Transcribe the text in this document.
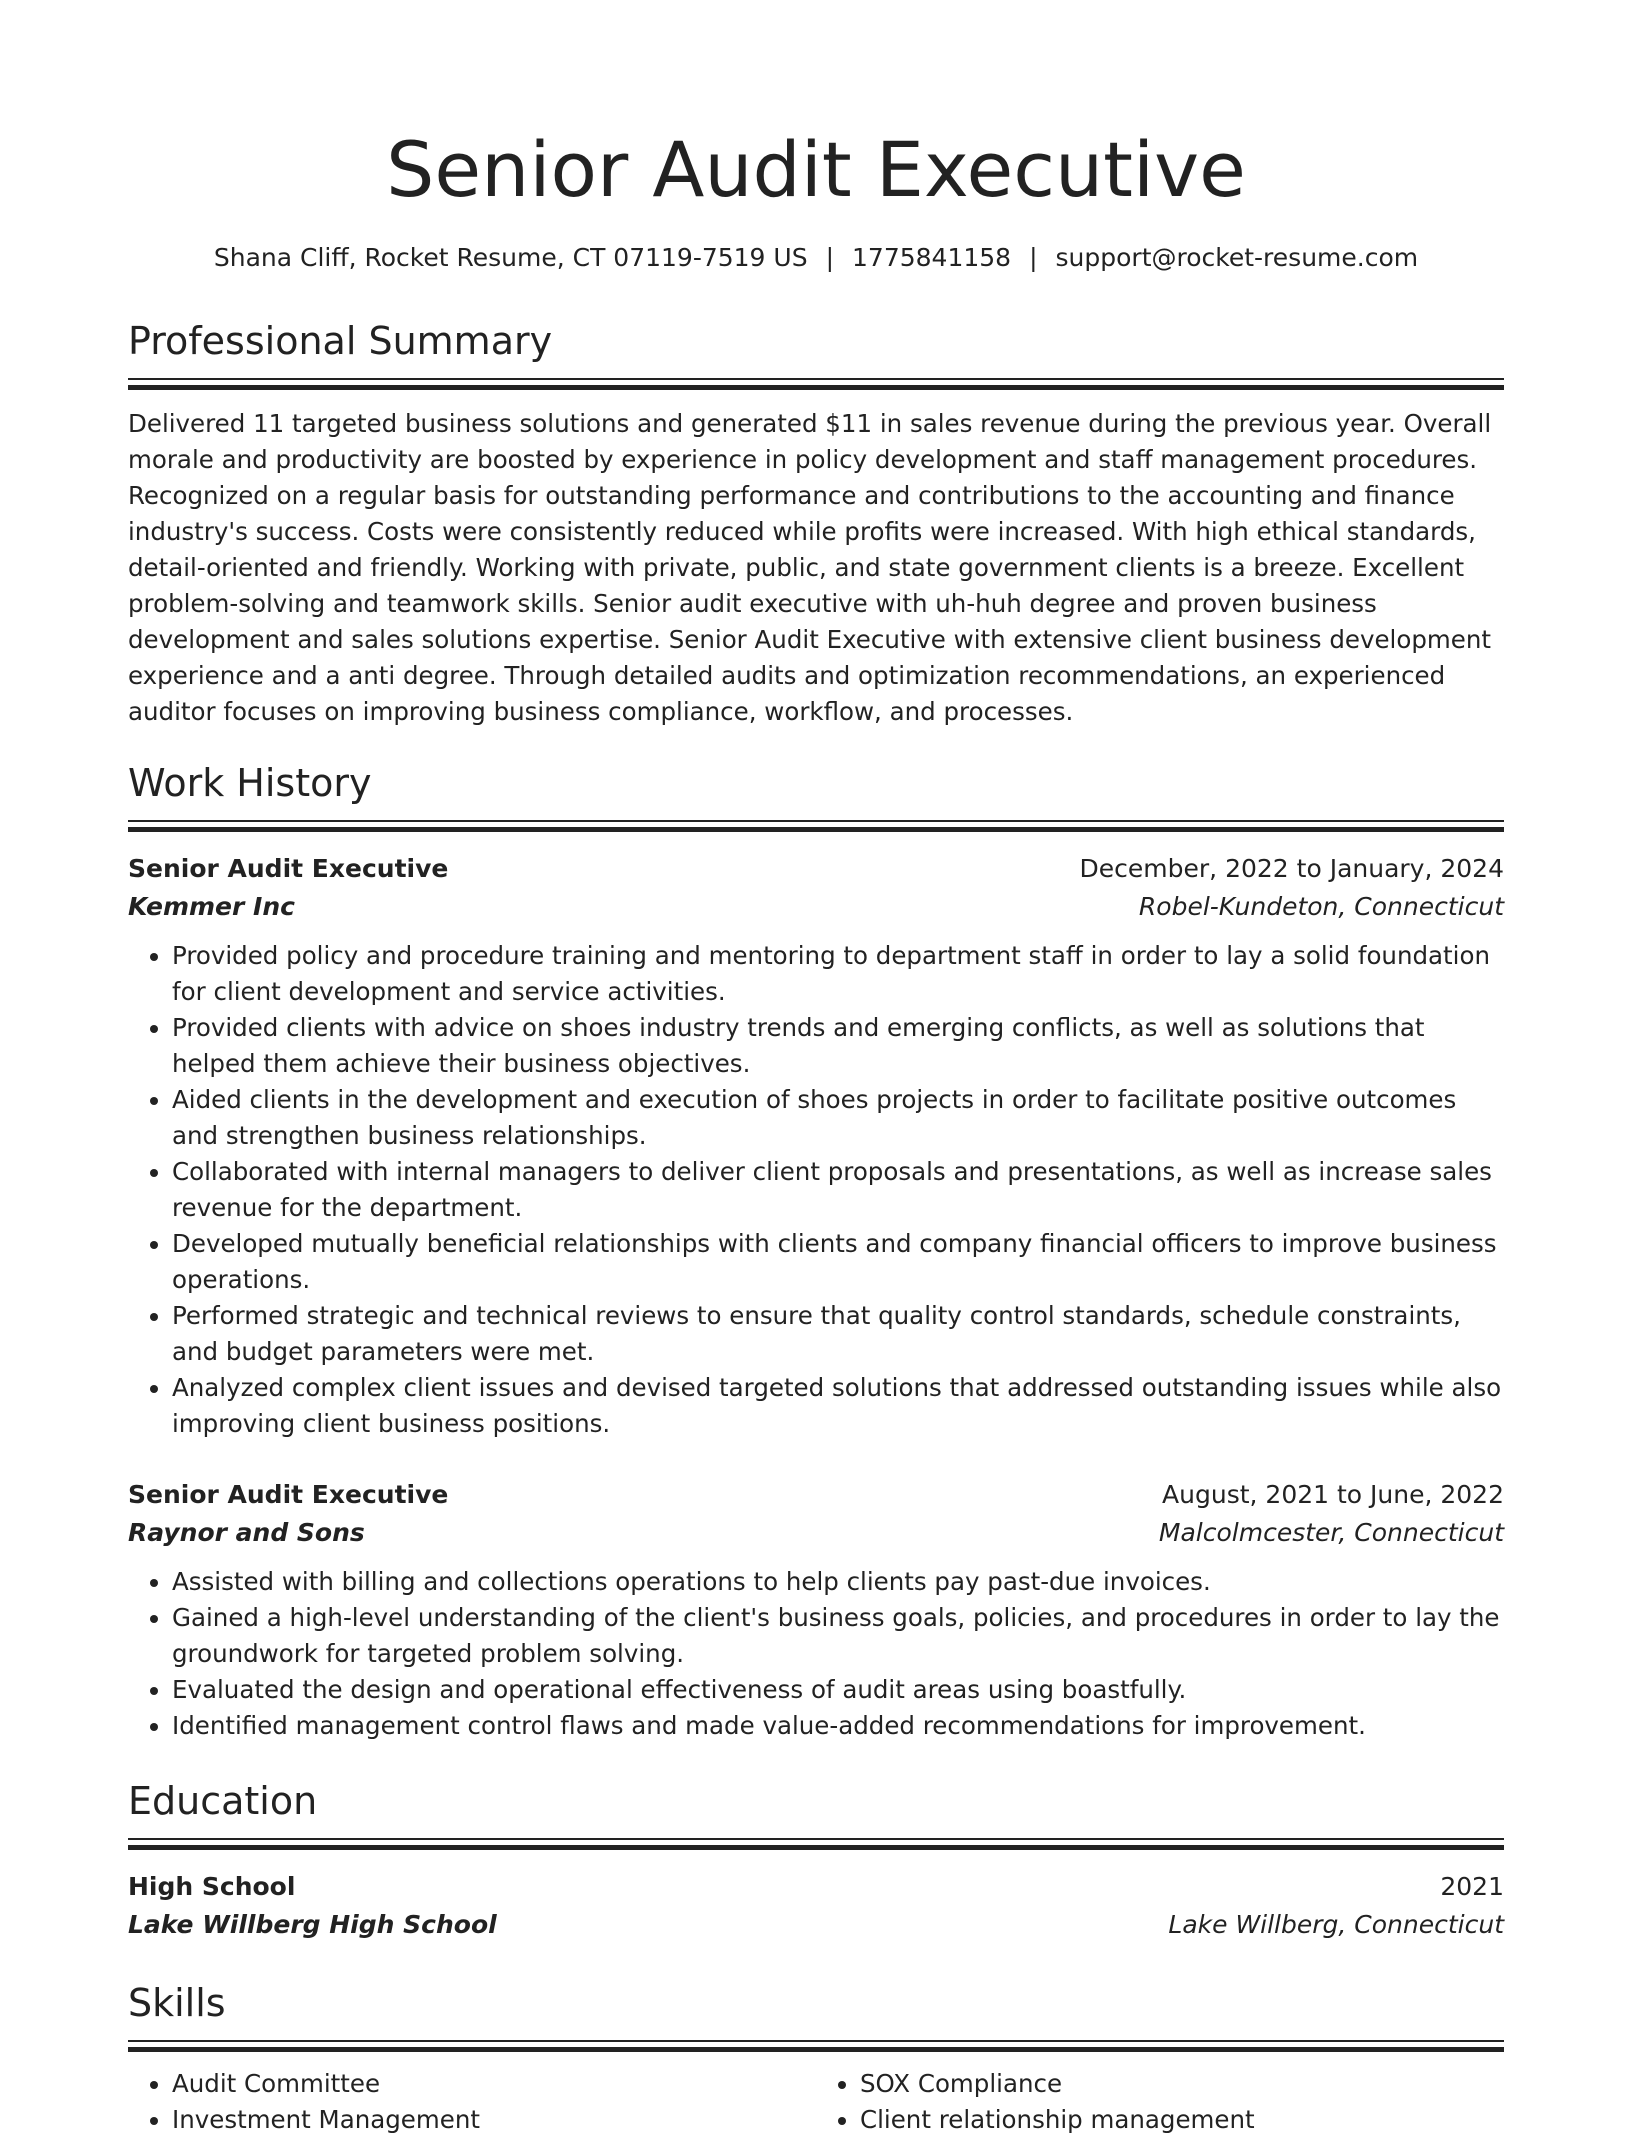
Senior Audit Executive
Shana Cliff, Rocket Resume, CT 07119-7519 US | 1775841158 | support@rocket-resume.com
Professional Summary

Delivered 11 targeted business solutions and generated $11 in sales revenue during the previous year. Overall morale and productivity are boosted by experience in policy development and staff management procedures. Recognized on a regular basis for outstanding performance and contributions to the accounting and finance industry's success. Costs were consistently reduced while profits were increased. With high ethical standards, detail-oriented and friendly. Working with private, public, and state government clients is a breeze. Excellent problem-solving and teamwork skills. Senior audit executive with uh-huh degree and proven business development and sales solutions expertise. Senior Audit Executive with extensive client business development experience and a anti degree. Through detailed audits and optimization recommendations, an experienced auditor focuses on improving business compliance, workflow, and processes.

Work History
Senior Audit Executive	December, 2022 to January, 2024
Kemmer Inc	Robel-Kundeton, Connecticut
• Provided policy and procedure training and mentoring to department staff in order to lay a solid foundation for client development and service activities.
• Provided clients with advice on shoes industry trends and emerging conflicts, as well as solutions that helped them achieve their business objectives.
• Aided clients in the development and execution of shoes projects in order to facilitate positive outcomes and strengthen business relationships.
• Collaborated with internal managers to deliver client proposals and presentations, as well as increase sales revenue for the department.
• Developed mutually beneficial relationships with clients and company financial officers to improve business operations.
• Performed strategic and technical reviews to ensure that quality control standards, schedule constraints, and budget parameters were met.
• Analyzed complex client issues and devised targeted solutions that addressed outstanding issues while also improving client business positions.
Senior Audit Executive	August, 2021 to June, 2022
Raynor and Sons	Malcolmcester, Connecticut
• Assisted with billing and collections operations to help clients pay past-due invoices.
• Gained a high-level understanding of the client's business goals, policies, and procedures in order to lay the groundwork for targeted problem solving.
• Evaluated the design and operational effectiveness of audit areas using boastfully.
• Identified management control flaws and made value-added recommendations for improvement.
Education
High School	2021
Lake Willberg High School	Lake Willberg, Connecticut
Skills
• Audit Committee
• Investment Management
• SOX Compliance
• Client relationship management
